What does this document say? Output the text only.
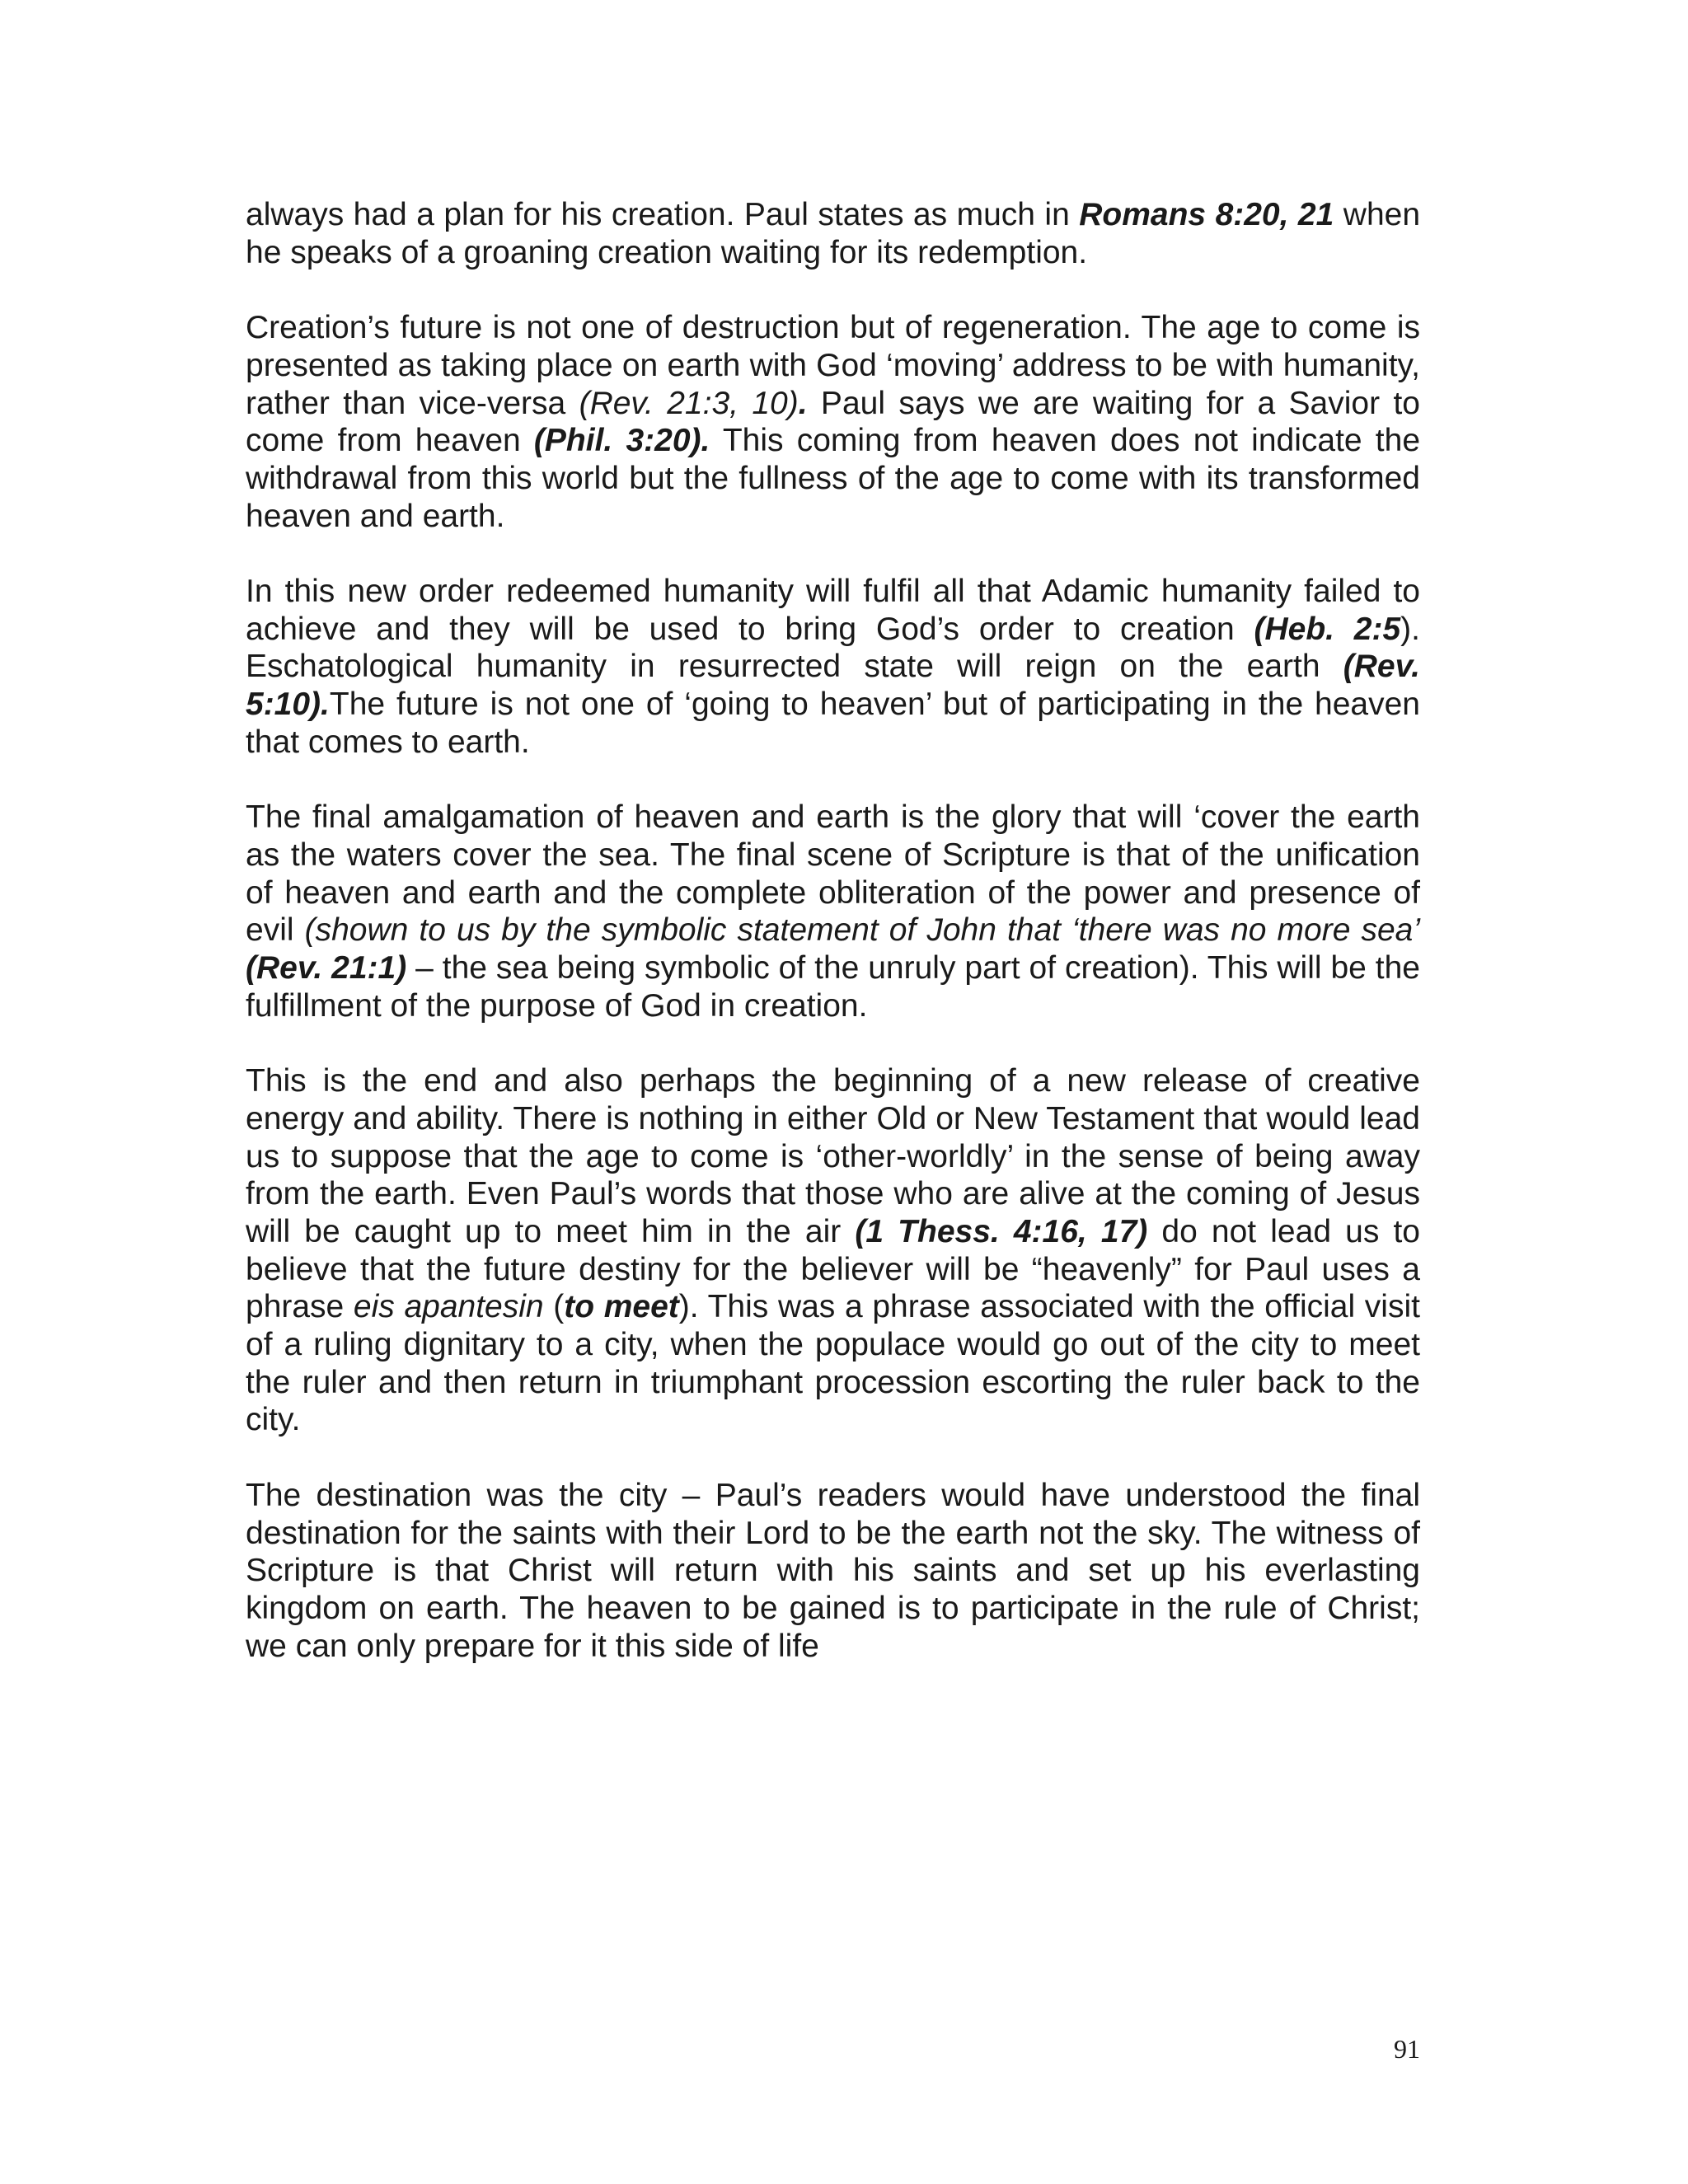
always had a plan for his creation. Paul states as much in Romans 8:20, 21 when he speaks of a groaning creation waiting for its redemption.

Creation’s future is not one of destruction but of regeneration. The age to come is presented as taking place on earth with God ‘moving’ address to be with humanity, rather than vice-versa (Rev. 21:3, 10). Paul says we are waiting for a Savior to come from heaven (Phil. 3:20). This coming from heaven does not indicate the withdrawal from this world but the fullness of the age to come with its transformed heaven and earth.

In this new order redeemed humanity will fulfil all that Adamic humanity failed to achieve and they will be used to bring God’s order to creation (Heb. 2:5). Eschatological humanity in resurrected state will reign on the earth (Rev. 5:10).The future is not one of ‘going to heaven’ but of participating in the heaven that comes to earth.

The final amalgamation of heaven and earth is the glory that will ‘cover the earth as the waters cover the sea. The final scene of Scripture is that of the unification of heaven and earth and the complete obliteration of the power and presence of evil (shown to us by the symbolic statement of John that ‘there was no more sea’ (Rev. 21:1) – the sea being symbolic of the unruly part of creation). This will be the fulfillment of the purpose of God in creation.

This is the end and also perhaps the beginning of a new release of creative energy and ability. There is nothing in either Old or New Testament that would lead us to suppose that the age to come is ‘other-worldly’ in the sense of being away from the earth. Even Paul’s words that those who are alive at the coming of Jesus will be caught up to meet him in the air (1 Thess. 4:16, 17) do not lead us to believe that the future destiny for the believer will be “heavenly” for Paul uses a phrase eis apantesin (to meet). This was a phrase associated with the official visit of a ruling dignitary to a city, when the populace would go out of the city to meet the ruler and then return in triumphant procession escorting the ruler back to the city.

The destination was the city – Paul’s readers would have understood the final destination for the saints with their Lord to be the earth not the sky. The witness of Scripture is that Christ will return with his saints and set up his everlasting kingdom on earth. The heaven to be gained is to participate in the rule of Christ; we can only prepare for it this side of life

91
